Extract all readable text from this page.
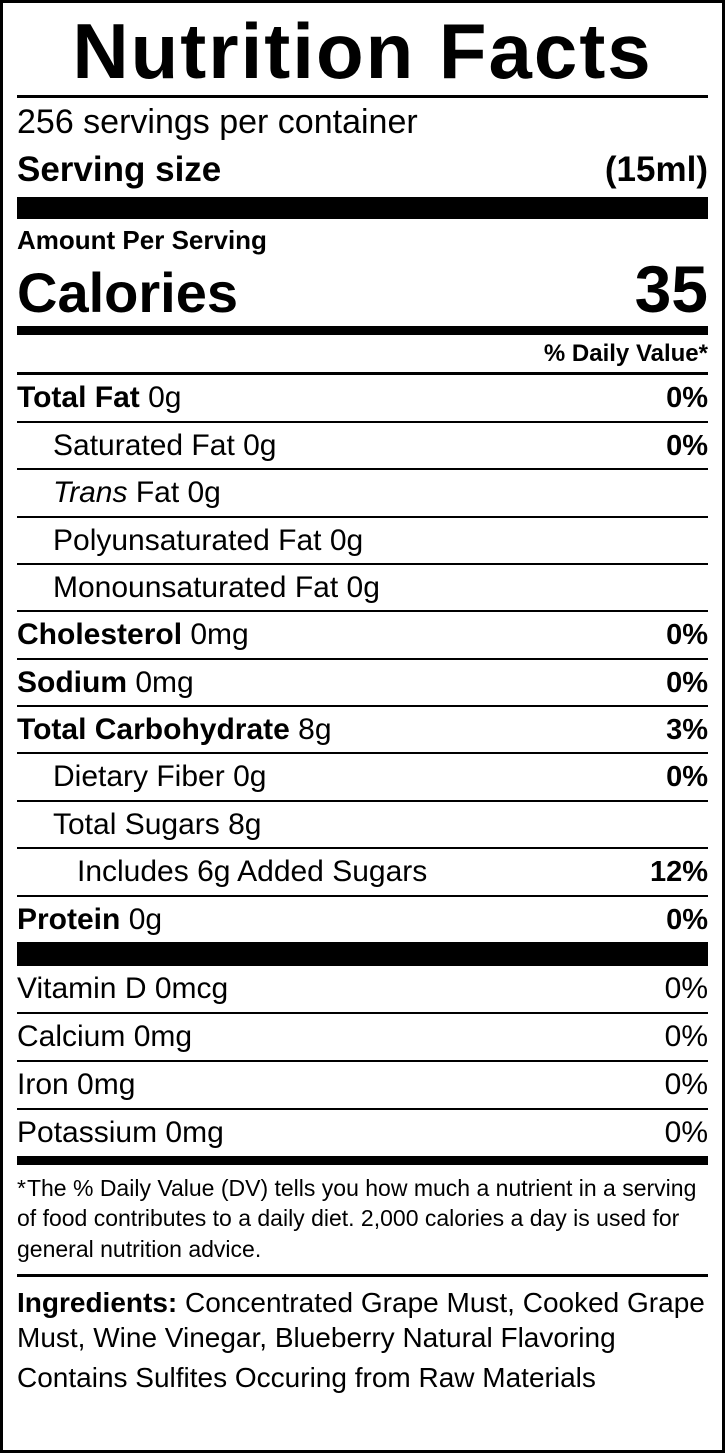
Nutrition Facts
256 servings per container
Serving size	(15ml)
Amount Per Serving
Calories	35
% Daily Value*
Total Fat 0g	0%
Saturated Fat 0g	0%
Trans Fat 0g
Polyunsaturated Fat 0g
Monounsaturated Fat 0g
Cholesterol 0mg	0%
Sodium 0mg	0%
Total Carbohydrate 8g	3%
Dietary Fiber 0g	0%
Total Sugars 8g
Includes 6g Added Sugars	12%
Protein 0g	0%
Vitamin D 0mcg	0%
Calcium 0mg	0%
Iron 0mg	0%
Potassium 0mg	0%
*The % Daily Value (DV) tells you how much a nutrient in a serving of food contributes to a daily diet. 2,000 calories a day is used for general nutrition advice.
Ingredients: Concentrated Grape Must, Cooked Grape Must, Wine Vinegar, Blueberry Natural Flavoring
Contains Sulfites Occuring from Raw Materials
